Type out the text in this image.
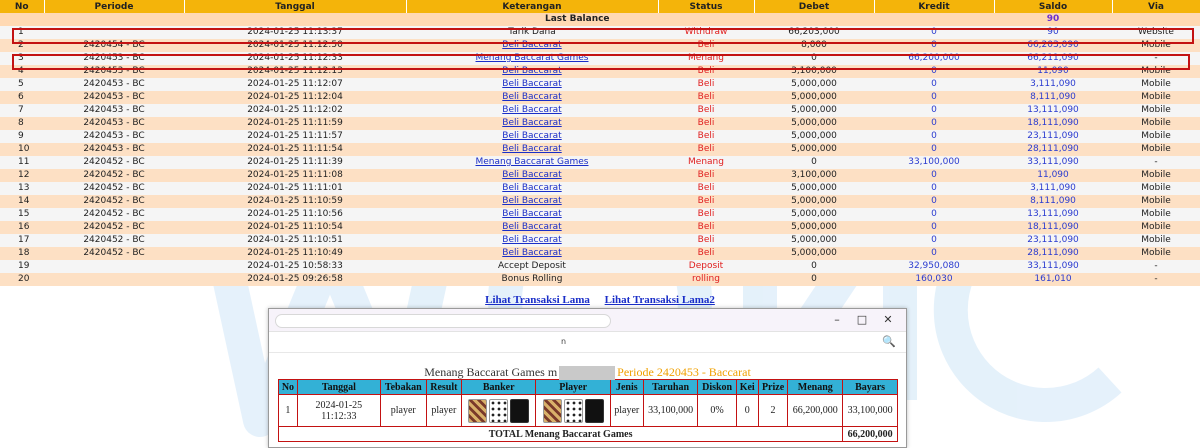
No	Periode	Tanggal	Keterangan	Status	Debet	Kredit	Saldo	Via
Last Balance							90	
1		2024-01-25 11:13:37	Tarik Dana	Withdraw	66,203,000	0	90	Website
2	2420454 - BC	2024-01-25 11:12:50	Beli Baccarat	Beli	8,000	0	66,203,090	Mobile
3	2420453 - BC	2024-01-25 11:12:33	Menang Baccarat Games	Menang	0	66,200,000	66,211,090	-
4	2420453 - BC	2024-01-25 11:12:13	Beli Baccarat	Beli	3,100,000	0	11,090	Mobile
5	2420453 - BC	2024-01-25 11:12:07	Beli Baccarat	Beli	5,000,000	0	3,111,090	Mobile
6	2420453 - BC	2024-01-25 11:12:04	Beli Baccarat	Beli	5,000,000	0	8,111,090	Mobile
7	2420453 - BC	2024-01-25 11:12:02	Beli Baccarat	Beli	5,000,000	0	13,111,090	Mobile
8	2420453 - BC	2024-01-25 11:11:59	Beli Baccarat	Beli	5,000,000	0	18,111,090	Mobile
9	2420453 - BC	2024-01-25 11:11:57	Beli Baccarat	Beli	5,000,000	0	23,111,090	Mobile
10	2420453 - BC	2024-01-25 11:11:54	Beli Baccarat	Beli	5,000,000	0	28,111,090	Mobile
11	2420452 - BC	2024-01-25 11:11:39	Menang Baccarat Games	Menang	0	33,100,000	33,111,090	-
12	2420452 - BC	2024-01-25 11:11:08	Beli Baccarat	Beli	3,100,000	0	11,090	Mobile
13	2420452 - BC	2024-01-25 11:11:01	Beli Baccarat	Beli	5,000,000	0	3,111,090	Mobile
14	2420452 - BC	2024-01-25 11:10:59	Beli Baccarat	Beli	5,000,000	0	8,111,090	Mobile
15	2420452 - BC	2024-01-25 11:10:56	Beli Baccarat	Beli	5,000,000	0	13,111,090	Mobile
16	2420452 - BC	2024-01-25 11:10:54	Beli Baccarat	Beli	5,000,000	0	18,111,090	Mobile
17	2420452 - BC	2024-01-25 11:10:51	Beli Baccarat	Beli	5,000,000	0	23,111,090	Mobile
18	2420452 - BC	2024-01-25 11:10:49	Beli Baccarat	Beli	5,000,000	0	28,111,090	Mobile
19		2024-01-25 10:58:33	Accept Deposit	Deposit	0	32,950,080	33,111,090	-
20		2024-01-25 09:26:58	Bonus Rolling	rolling	0	160,030	161,010	-
Lihat Transaksi Lama Lihat Transaksi Lama2
–	□	✕
n	🔍
Menang Baccarat Games m	Periode 2420453 - Baccarat
No	Tanggal	Tebakan	Result	Banker	Player	Jenis	Taruhan	Diskon	Kei	Prize	Menang	Bayars
1	2024-01-25 11:12:33	player	player			player	33,100,000	0%	0	2	66,200,000	33,100,000
TOTAL Menang Baccarat Games												66,200,000
